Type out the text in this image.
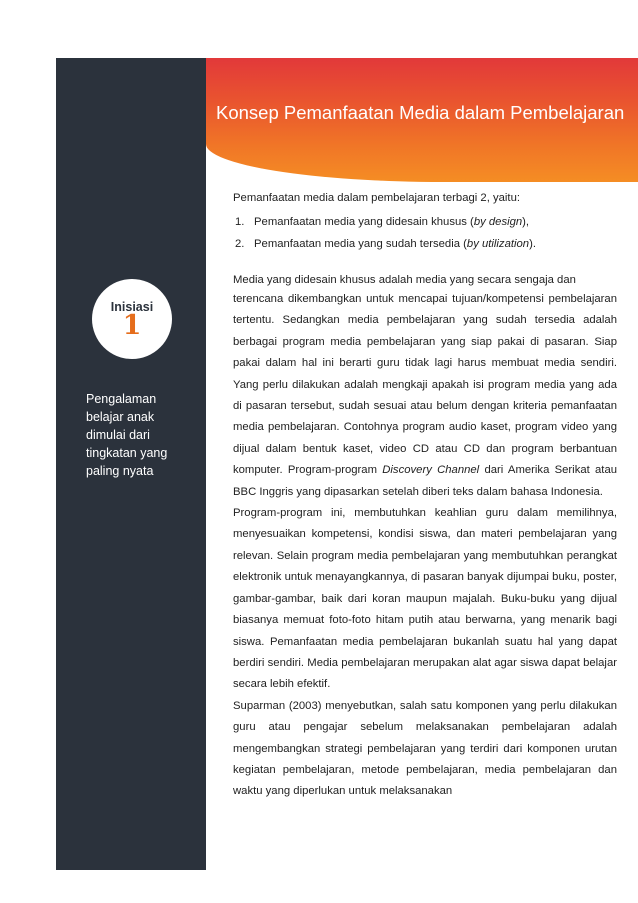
Konsep Pemanfaatan Media dalam Pembelajaran
Inisiasi
1
Pengalaman belajar anak dimulai dari tingkatan yang paling nyata

Pemanfaatan media dalam pembelajaran terbagi 2, yaitu:

1. Pemanfaatan media yang didesain khusus (by design),
2. Pemanfaatan media yang sudah tersedia (by utilization).

Media yang didesain khusus adalah media yang secara sengaja dan

terencana dikembangkan untuk mencapai tujuan/kompetensi pembelajaran tertentu. Sedangkan media pembelajaran yang sudah tersedia adalah berbagai program media pembelajaran yang siap pakai di pasaran. Siap pakai dalam hal ini berarti guru tidak lagi harus membuat media sendiri. Yang perlu dilakukan adalah mengkaji apakah isi program media yang ada di pasaran tersebut, sudah sesuai atau belum dengan kriteria pemanfaatan media pembelajaran. Contohnya program audio kaset, program video yang dijual dalam bentuk kaset, video CD atau CD dan program berbantuan komputer. Program-program Discovery Channel dari Amerika Serikat atau BBC Inggris yang dipasarkan setelah diberi teks dalam bahasa Indonesia.

Program-program ini, membutuhkan keahlian guru dalam memilihnya, menyesuaikan kompetensi, kondisi siswa, dan materi pembelajaran yang relevan. Selain program media pembelajaran yang membutuhkan perangkat elektronik untuk menayangkannya, di pasaran banyak dijumpai buku, poster, gambar-gambar, baik dari koran maupun majalah. Buku-buku yang dijual biasanya memuat foto-foto hitam putih atau berwarna, yang menarik bagi siswa. Pemanfaatan media pembelajaran bukanlah suatu hal yang dapat berdiri sendiri. Media pembelajaran merupakan alat agar siswa dapat belajar secara lebih efektif.

Suparman (2003) menyebutkan, salah satu komponen yang perlu dilakukan guru atau pengajar sebelum melaksanakan pembelajaran adalah mengembangkan strategi pembelajaran yang terdiri dari komponen urutan kegiatan pembelajaran, metode pembelajaran, media pembelajaran dan waktu yang diperlukan untuk melaksanakan
